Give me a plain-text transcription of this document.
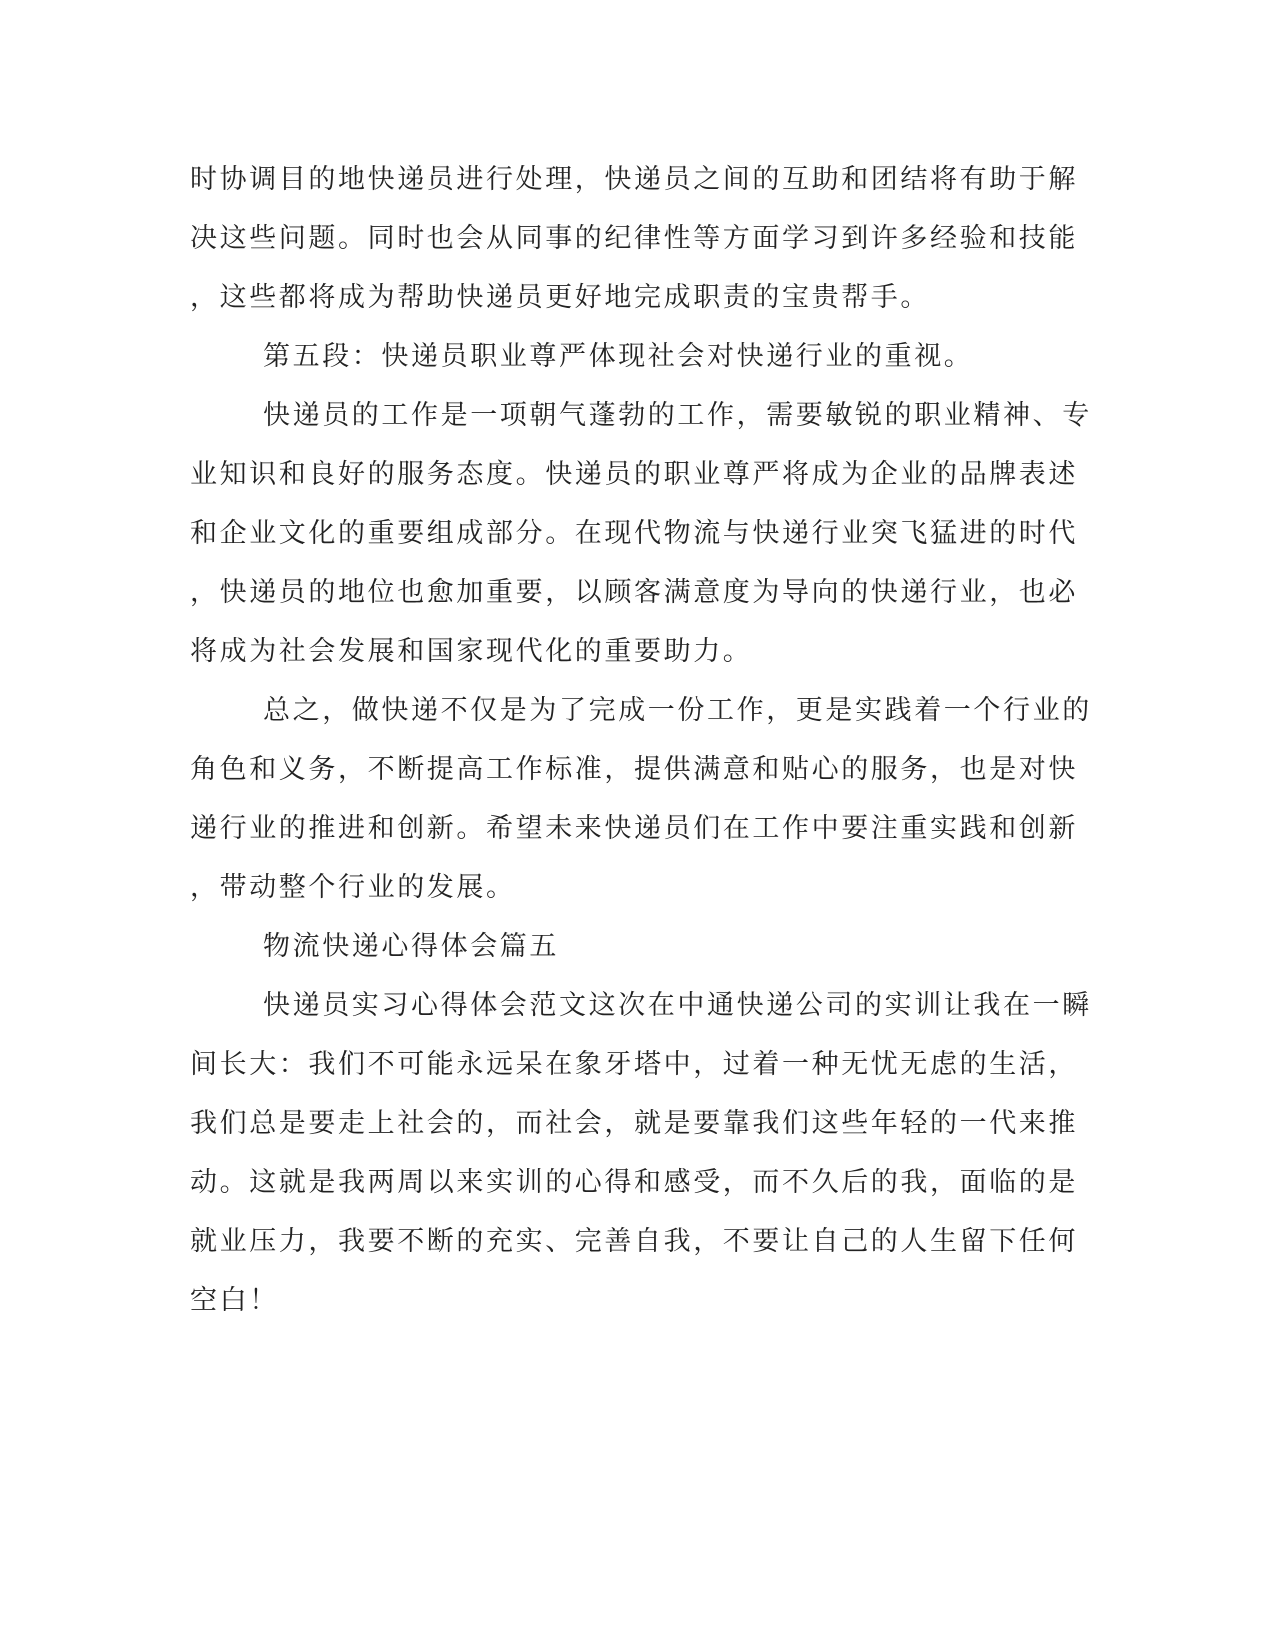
时协调目的地快递员进行处理，快递员之间的互助和团结将有助于解
决这些问题。同时也会从同事的纪律性等方面学习到许多经验和技能
，这些都将成为帮助快递员更好地完成职责的宝贵帮手。
第五段：快递员职业尊严体现社会对快递行业的重视。
快递员的工作是一项朝气蓬勃的工作，需要敏锐的职业精神、专
业知识和良好的服务态度。快递员的职业尊严将成为企业的品牌表述
和企业文化的重要组成部分。在现代物流与快递行业突飞猛进的时代
，快递员的地位也愈加重要，以顾客满意度为导向的快递行业，也必
将成为社会发展和国家现代化的重要助力。
总之，做快递不仅是为了完成一份工作，更是实践着一个行业的
角色和义务，不断提高工作标准，提供满意和贴心的服务，也是对快
递行业的推进和创新。希望未来快递员们在工作中要注重实践和创新
，带动整个行业的发展。
物流快递心得体会篇五
快递员实习心得体会范文这次在中通快递公司的实训让我在一瞬
间长大：我们不可能永远呆在象牙塔中，过着一种无忧无虑的生活，
我们总是要走上社会的，而社会，就是要靠我们这些年轻的一代来推
动。这就是我两周以来实训的心得和感受，而不久后的我，面临的是
就业压力，我要不断的充实、完善自我，不要让自己的人生留下任何
空白！
